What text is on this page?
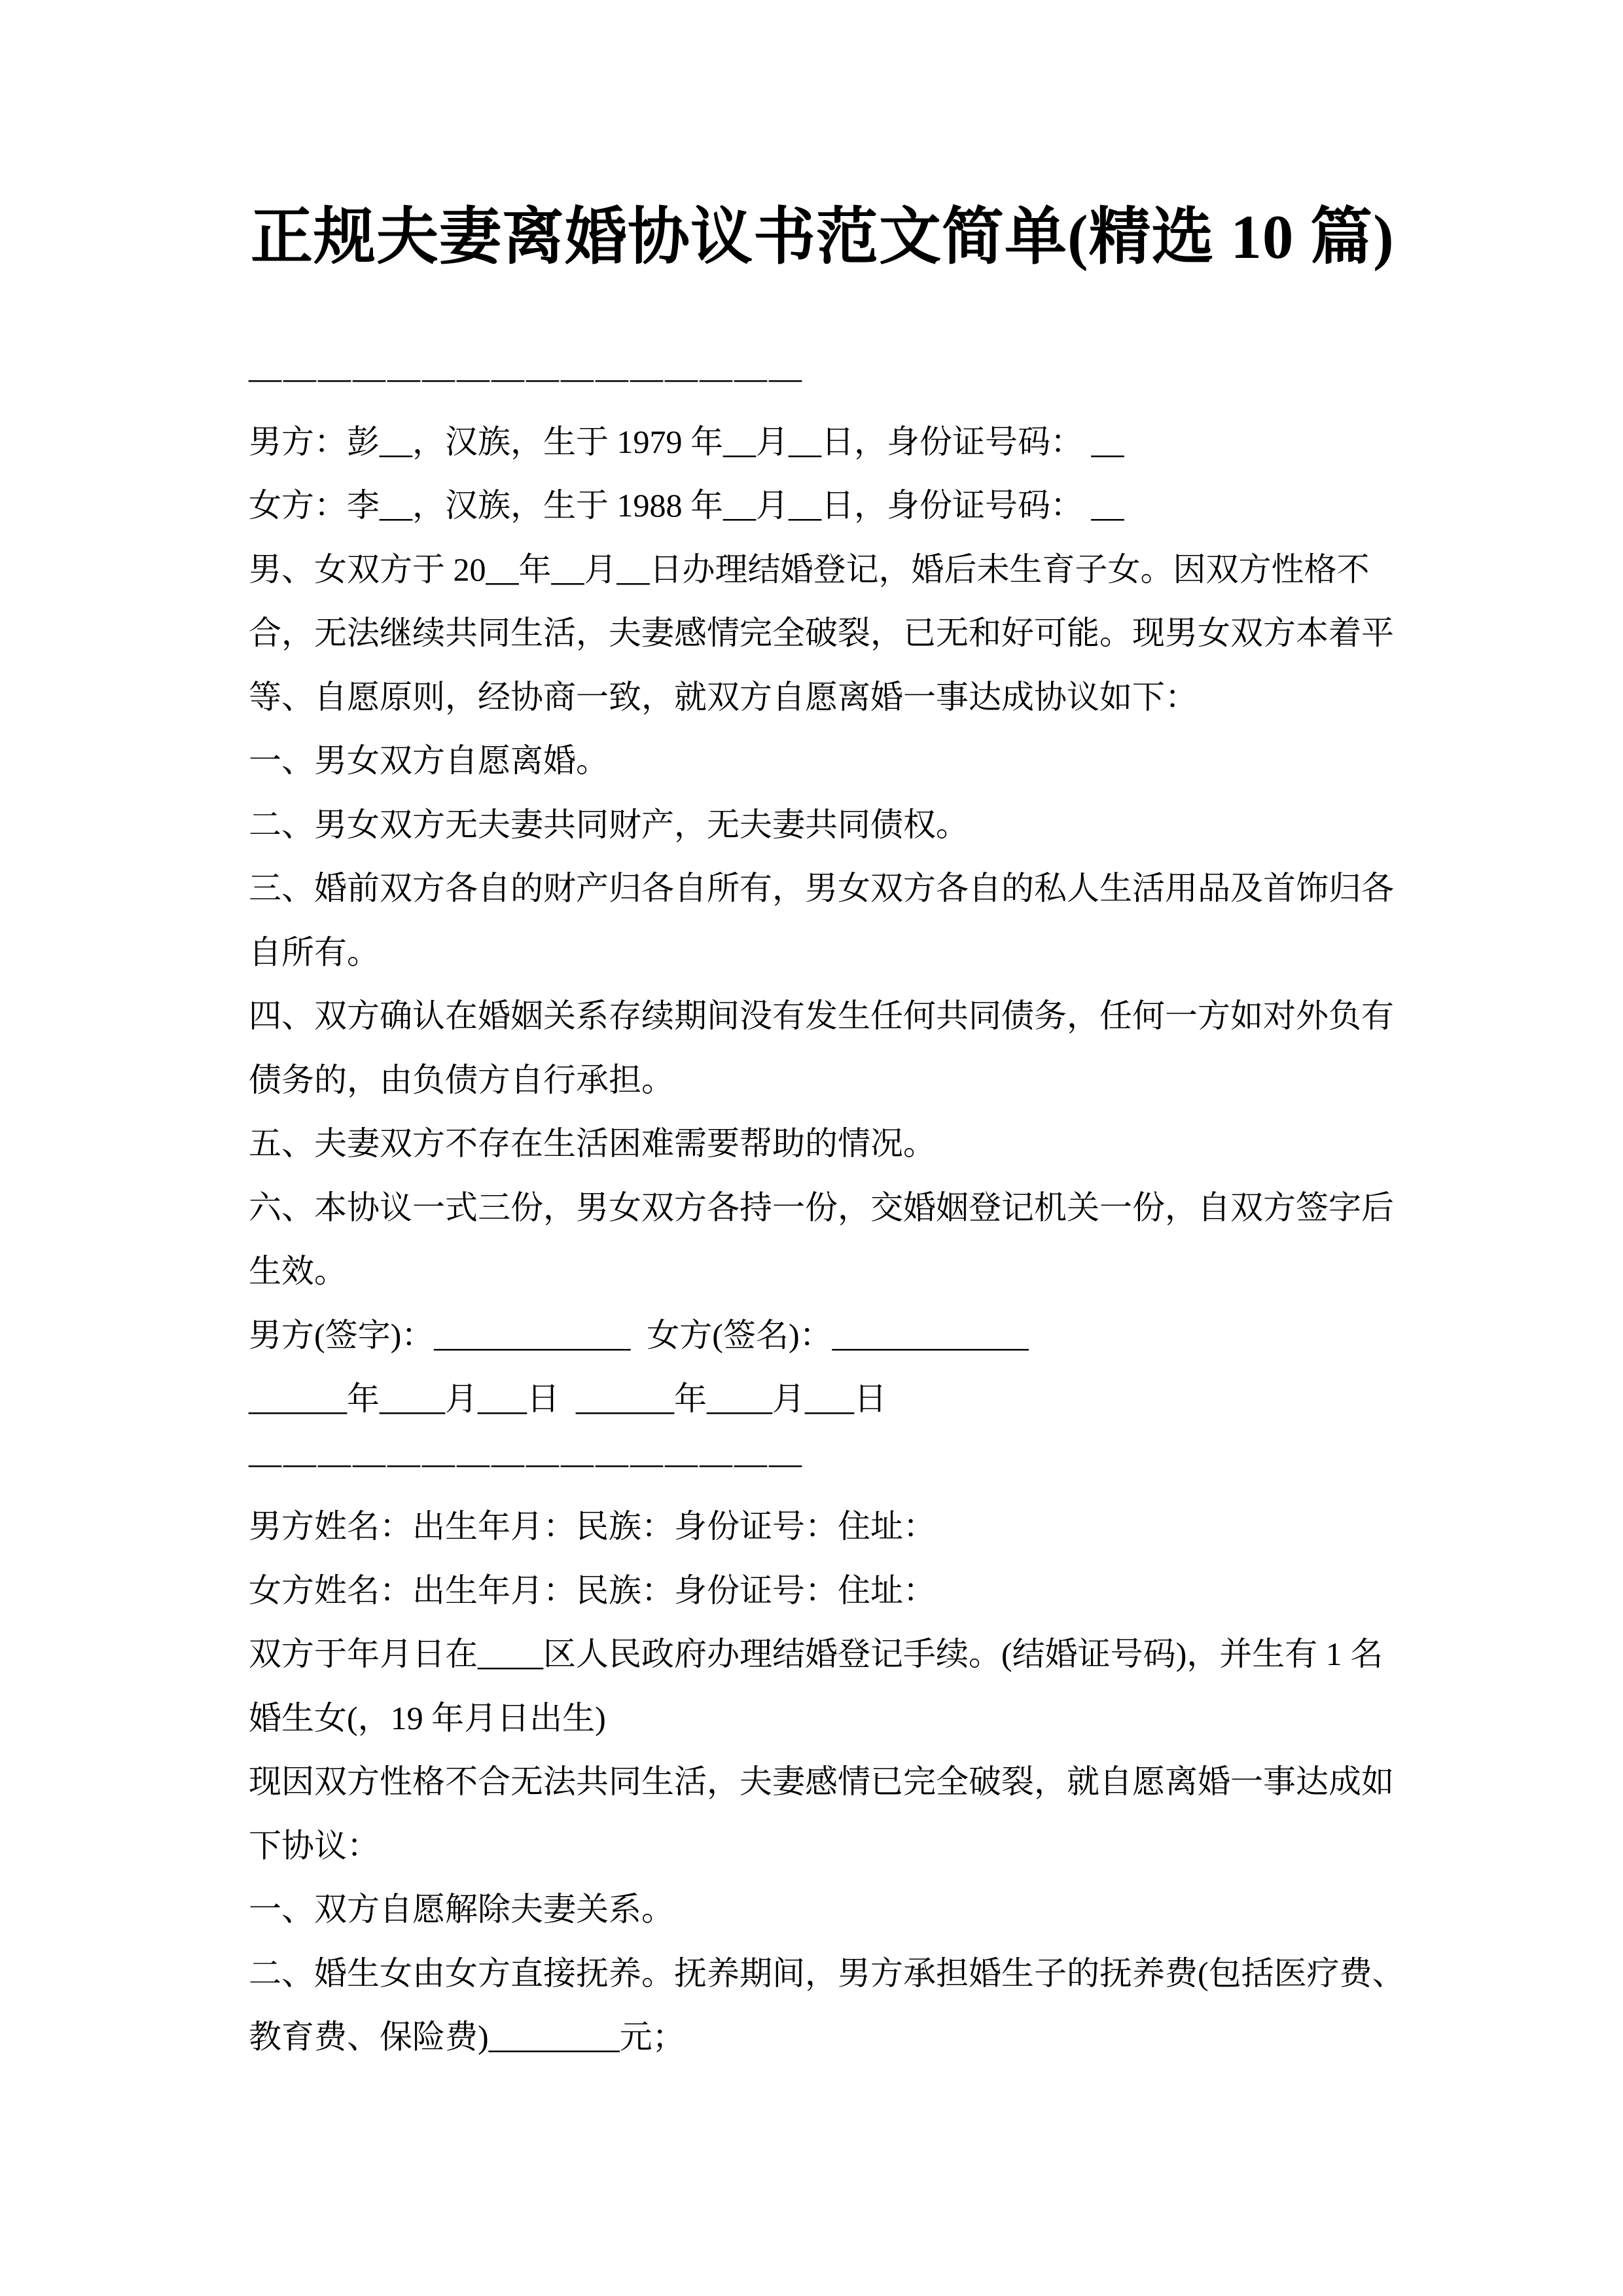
正规夫妻离婚协议书范文简单(精选 10 篇)
————————————————
男方：彭__，汉族，生于 1979 年__月__日，身份证号码： __
女方：李__，汉族，生于 1988 年__月__日，身份证号码： __
男、女双方于 20__年__月__日办理结婚登记，婚后未生育子女。因双方性格不
合，无法继续共同生活，夫妻感情完全破裂，已无和好可能。现男女双方本着平
等、自愿原则，经协商一致，就双方自愿离婚一事达成协议如下：
一、男女双方自愿离婚。
二、男女双方无夫妻共同财产，无夫妻共同债权。
三、婚前双方各自的财产归各自所有，男女双方各自的私人生活用品及首饰归各
自所有。
四、双方确认在婚姻关系存续期间没有发生任何共同债务，任何一方如对外负有
债务的，由负债方自行承担。
五、夫妻双方不存在生活困难需要帮助的情况。
六、本协议一式三份，男女双方各持一份，交婚姻登记机关一份，自双方签字后
生效。
男方(签字)：____________  女方(签名)：____________
______年____月___日  ______年____月___日
————————————————
男方姓名：出生年月：民族：身份证号：住址：
女方姓名：出生年月：民族：身份证号：住址：
双方于年月日在____区人民政府办理结婚登记手续。(结婚证号码)，并生有 1 名
婚生女(，19 年月日出生)
现因双方性格不合无法共同生活，夫妻感情已完全破裂，就自愿离婚一事达成如
下协议：
一、双方自愿解除夫妻关系。
二、婚生女由女方直接抚养。抚养期间，男方承担婚生子的抚养费(包括医疗费、
教育费、保险费)________元；
